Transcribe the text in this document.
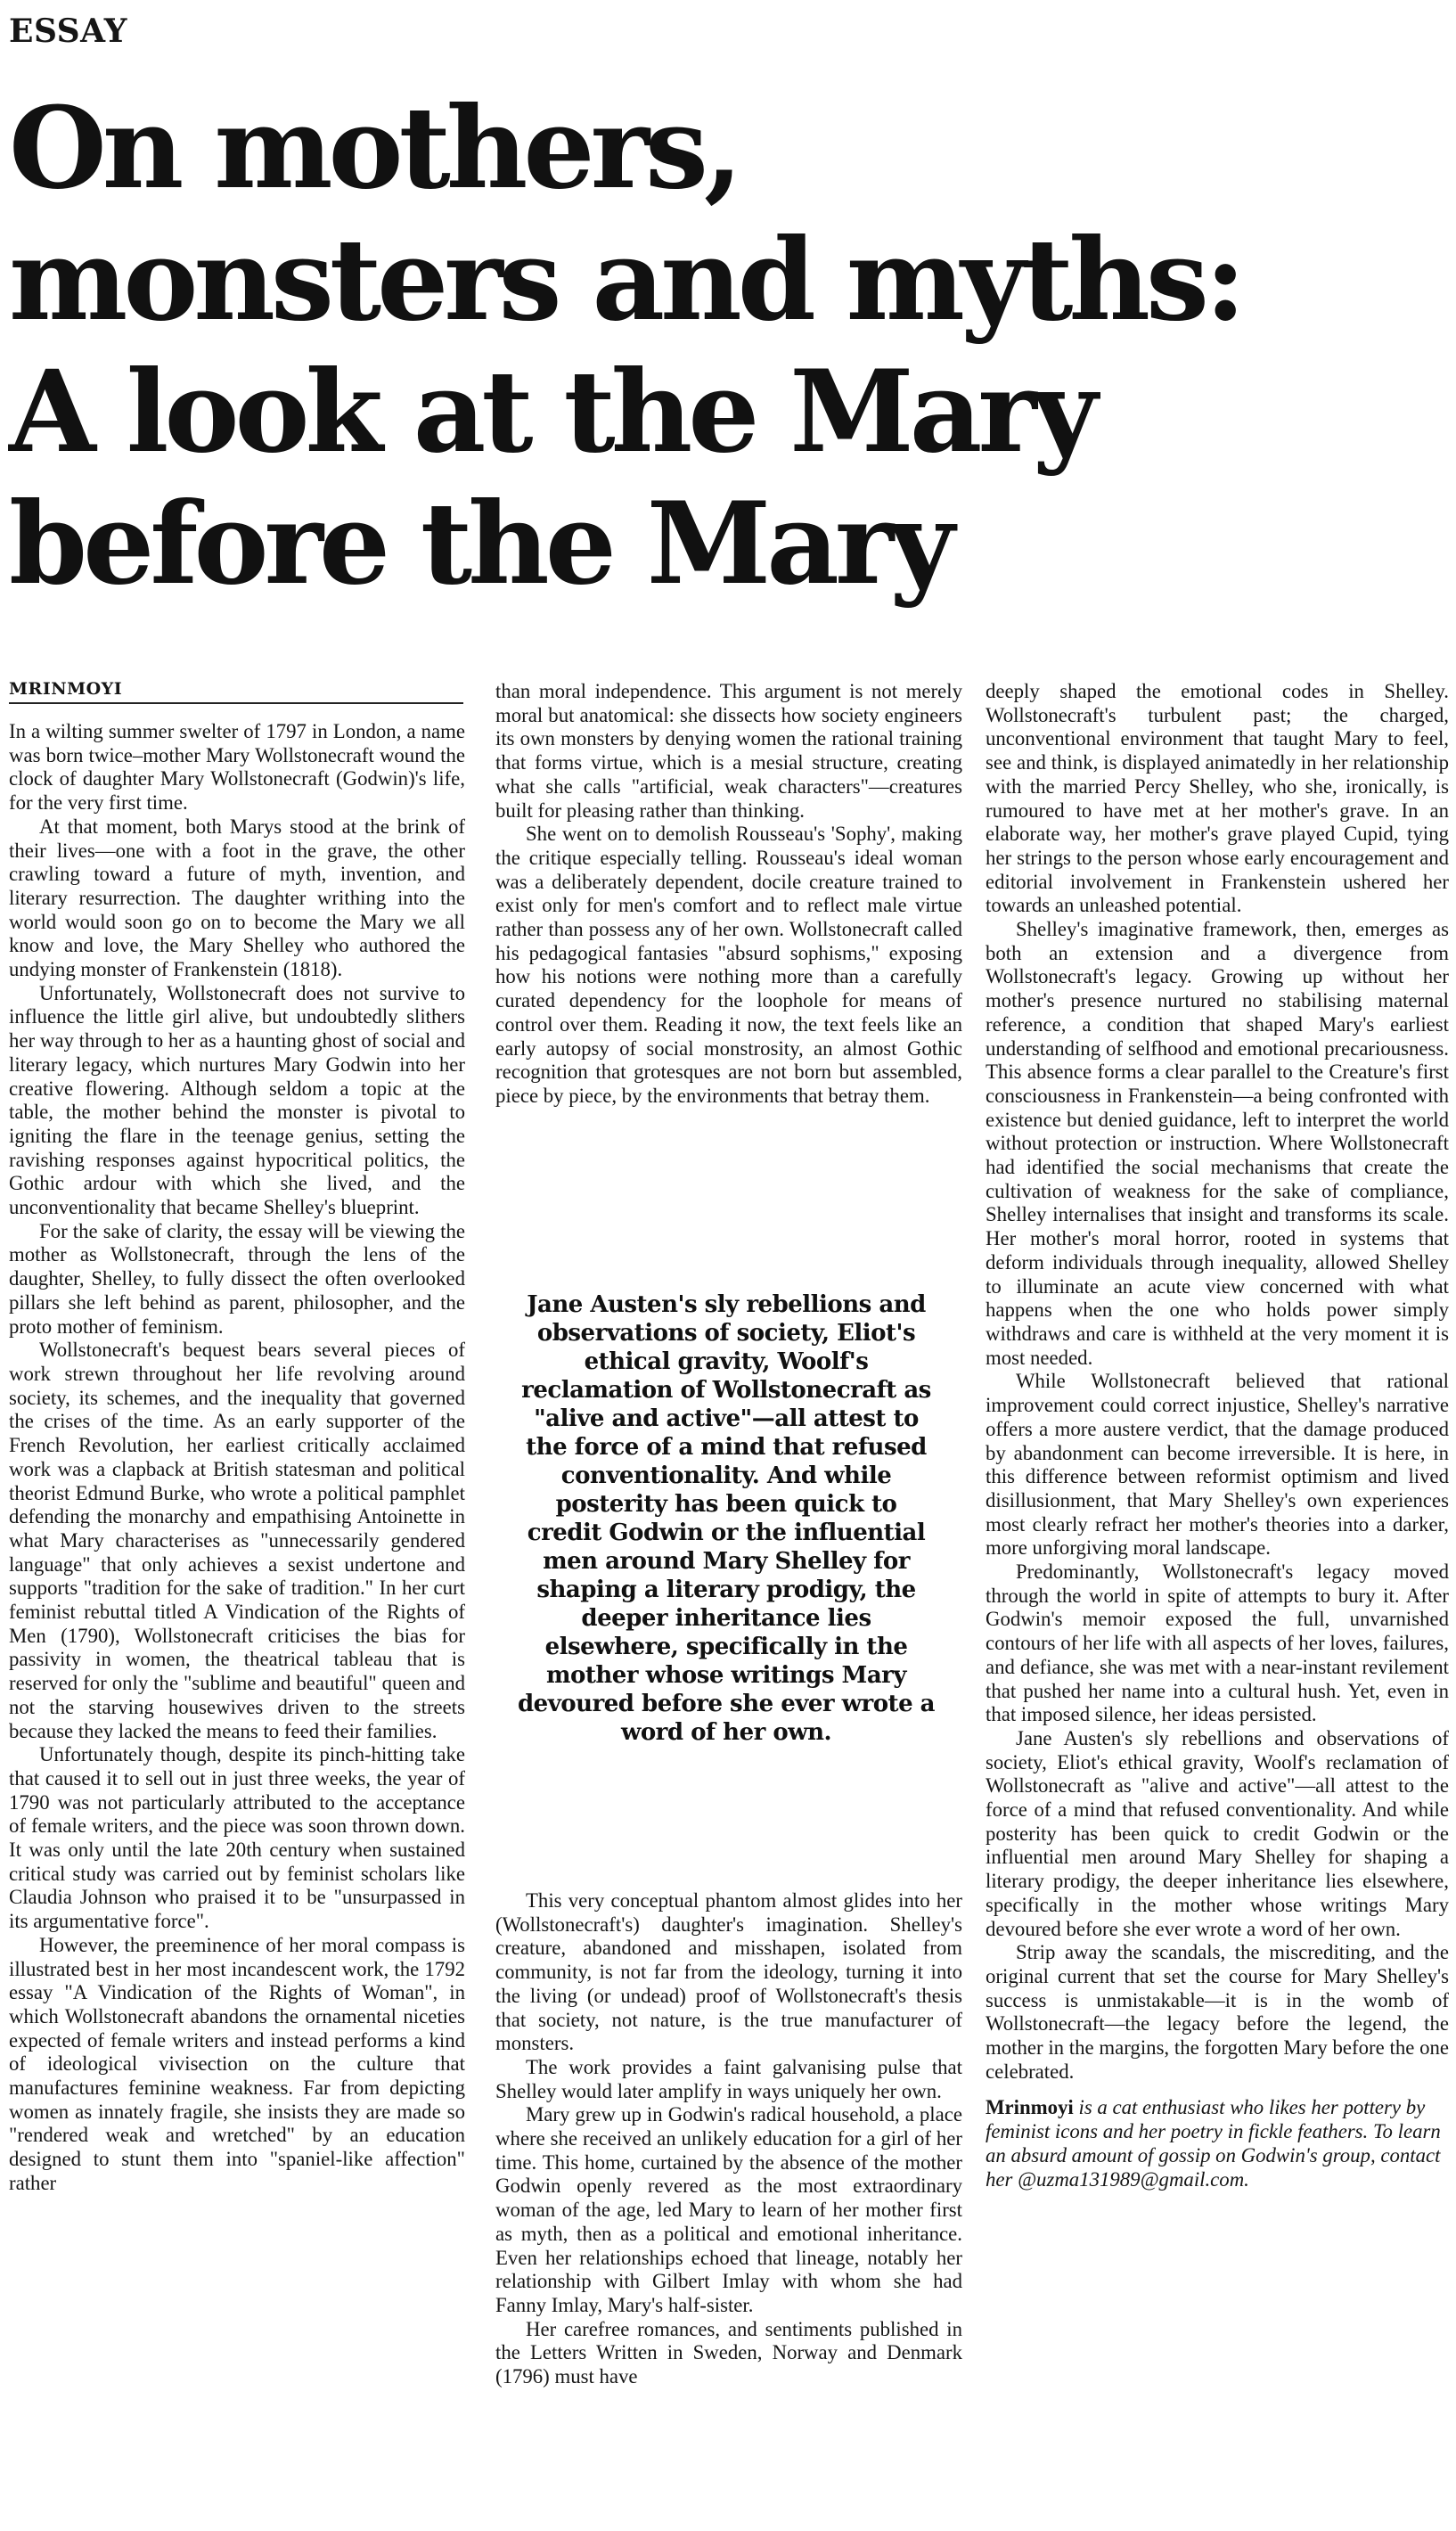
ESSAY
On mothers,
monsters and myths:
A look at the Mary
before the Mary
MRINMOYI

In a wilting summer swelter of 1797 in London, a name was born twice–mother Mary Wollstonecraft wound the clock of daughter Mary Wollstonecraft (Godwin)'s life, for the very first time.

At that moment, both Marys stood at the brink of their lives—one with a foot in the grave, the other crawling toward a future of myth, invention, and literary resurrection. The daughter writhing into the world would soon go on to become the Mary we all know and love, the Mary Shelley who authored the undying monster of Frankenstein (1818).

Unfortunately, Wollstonecraft does not survive to influence the little girl alive, but undoubtedly slithers her way through to her as a haunting ghost of social and literary legacy, which nurtures Mary Godwin into her creative flowering. Although seldom a topic at the table, the mother behind the monster is pivotal to igniting the flare in the teenage genius, setting the ravishing responses against hypocritical politics, the Gothic ardour with which she lived, and the unconventionality that became Shelley's blueprint.

For the sake of clarity, the essay will be viewing the mother as Wollstonecraft, through the lens of the daughter, Shelley, to fully dissect the often overlooked pillars she left behind as parent, philosopher, and the proto mother of feminism.

Wollstonecraft's bequest bears several pieces of work strewn throughout her life revolving around society, its schemes, and the inequality that governed the crises of the time. As an early supporter of the French Revolution, her earliest critically acclaimed work was a clapback at British statesman and political theorist Edmund Burke, who wrote a political pamphlet defending the monarchy and empathising Antoinette in what Mary characterises as "unnecessarily gendered language" that only achieves a sexist undertone and supports "tradition for the sake of tradition." In her curt feminist rebuttal titled A Vindication of the Rights of Men (1790), Wollstonecraft criticises the bias for passivity in women, the theatrical tableau that is reserved for only the "sublime and beautiful" queen and not the starving housewives driven to the streets because they lacked the means to feed their families.

Unfortunately though, despite its pinch-hitting take that caused it to sell out in just three weeks, the year of 1790 was not particularly attributed to the acceptance of female writers, and the piece was soon thrown down. It was only until the late 20th century when sustained critical study was carried out by feminist scholars like Claudia Johnson who praised it to be "unsurpassed in its argumentative force".

However, the preeminence of her moral compass is illustrated best in her most incandescent work, the 1792 essay "A Vindication of the Rights of Woman", in which Wollstonecraft abandons the ornamental niceties expected of female writers and instead performs a kind of ideological vivisection on the culture that manufactures feminine weakness. Far from depicting women as innately fragile, she insists they are made so "rendered weak and wretched" by an education designed to stunt them into "spaniel-like affection" rather

than moral independence. This argument is not merely moral but anatomical: she dissects how society engineers its own monsters by denying women the rational training that forms virtue, which is a mesial structure, creating what she calls "artificial, weak characters"—creatures built for pleasing rather than thinking.

She went on to demolish Rousseau's 'Sophy', making the critique especially telling. Rousseau's ideal woman was a deliberately dependent, docile creature trained to exist only for men's comfort and to reflect male virtue rather than possess any of her own. Wollstonecraft called his pedagogical fantasies "absurd sophisms," exposing how his notions were nothing more than a carefully curated dependency for the loophole for means of control over them. Reading it now, the text feels like an early autopsy of social monstrosity, an almost Gothic recognition that grotesques are not born but assembled, piece by piece, by the environments that betray them.

Jane Austen's sly rebellions and observations of society, Eliot's ethical gravity, Woolf's reclamation of Wollstonecraft as "alive and active"—all attest to the force of a mind that refused conventionality. And while posterity has been quick to credit Godwin or the influential men around Mary Shelley for shaping a literary prodigy, the deeper inheritance lies elsewhere, specifically in the mother whose writings Mary devoured before she ever wrote a word of her own.

This very conceptual phantom almost glides into her (Wollstonecraft's) daughter's imagination. Shelley's creature, abandoned and misshapen, isolated from community, is not far from the ideology, turning it into the living (or undead) proof of Wollstonecraft's thesis that society, not nature, is the true manufacturer of monsters.

The work provides a faint galvanising pulse that Shelley would later amplify in ways uniquely her own.

Mary grew up in Godwin's radical household, a place where she received an unlikely education for a girl of her time. This home, curtained by the absence of the mother Godwin openly revered as the most extraordinary woman of the age, led Mary to learn of her mother first as myth, then as a political and emotional inheritance. Even her relationships echoed that lineage, notably her relationship with Gilbert Imlay with whom she had Fanny Imlay, Mary's half-sister.

Her carefree romances, and sentiments published in the Letters Written in Sweden, Norway and Denmark (1796) must have

deeply shaped the emotional codes in Shelley. Wollstonecraft's turbulent past; the charged, unconventional environment that taught Mary to feel, see and think, is displayed animatedly in her relationship with the married Percy Shelley, who she, ironically, is rumoured to have met at her mother's grave. In an elaborate way, her mother's grave played Cupid, tying her strings to the person whose early encouragement and editorial involvement in Frankenstein ushered her towards an unleashed potential.

Shelley's imaginative framework, then, emerges as both an extension and a divergence from Wollstonecraft's legacy. Growing up without her mother's presence nurtured no stabilising maternal reference, a condition that shaped Mary's earliest understanding of selfhood and emotional precariousness. This absence forms a clear parallel to the Creature's first consciousness in Frankenstein—a being confronted with existence but denied guidance, left to interpret the world without protection or instruction. Where Wollstonecraft had identified the social mechanisms that create the cultivation of weakness for the sake of compliance, Shelley internalises that insight and transforms its scale. Her mother's moral horror, rooted in systems that deform individuals through inequality, allowed Shelley to illuminate an acute view concerned with what happens when the one who holds power simply withdraws and care is withheld at the very moment it is most needed.

While Wollstonecraft believed that rational improvement could correct injustice, Shelley's narrative offers a more austere verdict, that the damage produced by abandonment can become irreversible. It is here, in this difference between reformist optimism and lived disillusionment, that Mary Shelley's own experiences most clearly refract her mother's theories into a darker, more unforgiving moral landscape.

Predominantly, Wollstonecraft's legacy moved through the world in spite of attempts to bury it. After Godwin's memoir exposed the full, unvarnished contours of her life with all aspects of her loves, failures, and defiance, she was met with a near-instant revilement that pushed her name into a cultural hush. Yet, even in that imposed silence, her ideas persisted.

Jane Austen's sly rebellions and observations of society, Eliot's ethical gravity, Woolf's reclamation of Wollstonecraft as "alive and active"—all attest to the force of a mind that refused conventionality. And while posterity has been quick to credit Godwin or the influential men around Mary Shelley for shaping a literary prodigy, the deeper inheritance lies elsewhere, specifically in the mother whose writings Mary devoured before she ever wrote a word of her own.

Strip away the scandals, the miscrediting, and the original current that set the course for Mary Shelley's success is unmistakable—it is in the womb of Wollstonecraft—the legacy before the legend, the mother in the margins, the forgotten Mary before the one celebrated.

Mrinmoyi is a cat enthusiast who likes her pottery by feminist icons and her poetry in fickle feathers. To learn an absurd amount of gossip on Godwin's group, contact her @uzma131989@gmail.com.
